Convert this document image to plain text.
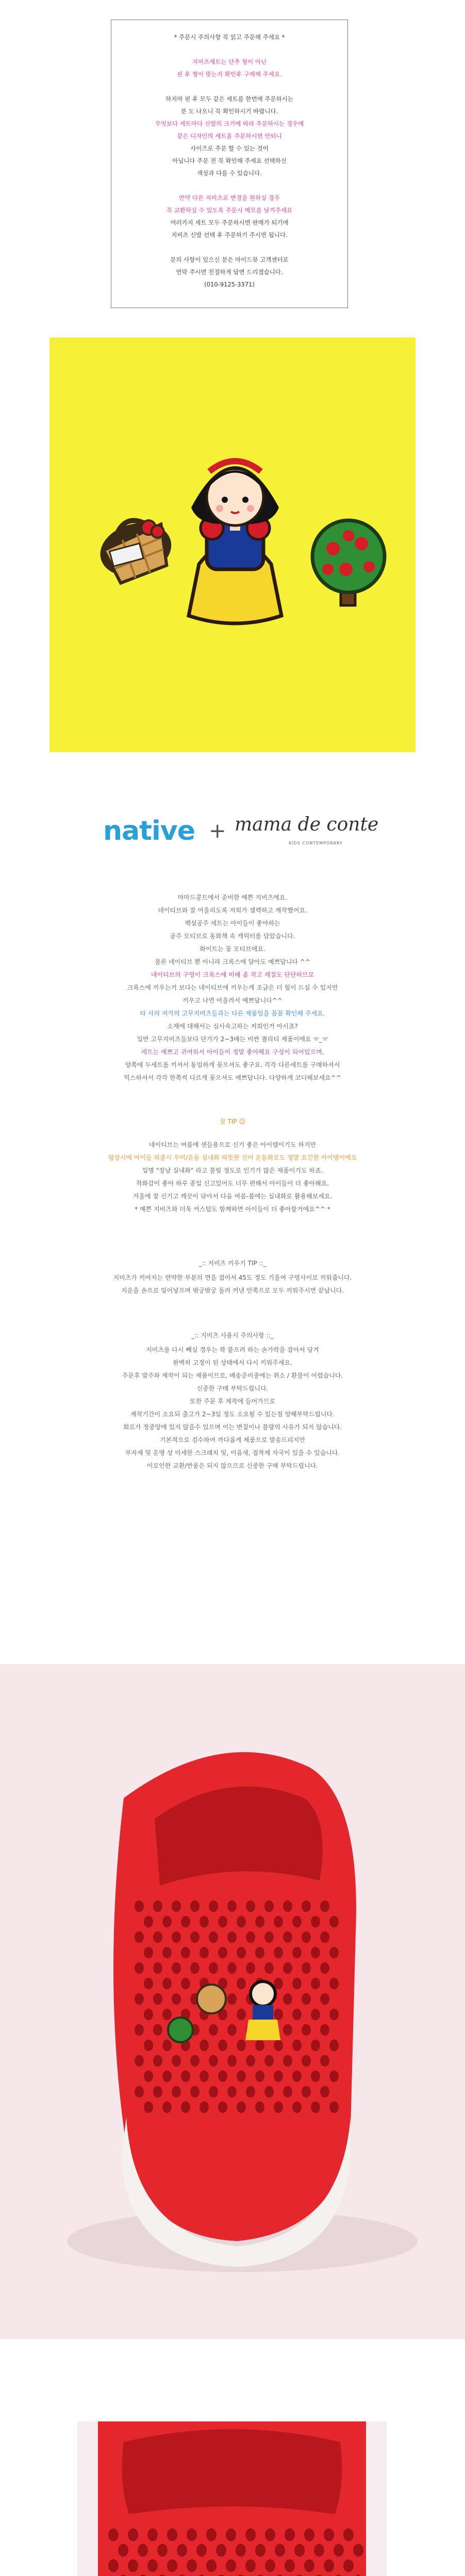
* 주문시 주의사항 꼭 읽고 주문해 주세요 *
지비츠세트는 단추 형이 아닌
핀 후 형이 맞는지 확인후 구매해 주세요.
하지마 핀 후 모두 같은 세트를 한번에 주문하시는
분 도 나오니 꼭 확인하시기 바랍니다.
무엇보다 세트마다 신발의 크기에 따라 주문하시는 경우에
같은 디자인의 세트를 주문하시면 안되니
사이즈로 주문 할 수 있는 것이
아닙니다 주문 전 꼭 확인해 주세요 선택하신
색상과 다를 수 있습니다.
만약 다른 지비츠로 변경을 원하실 경우
꼭 교환하실 수 있도록 주문시 메모를 남겨주세요
여러가지 세트 모두 주문하시면 판매가 되기에
지비츠 신발 선택 후 주문하기 주시면 됩니다.
문의 사항이 있으신 분은 마이드뮤 고객센터로
연락 주시면 친절하게 답변 드리겠습니다.
(010-9125-3371)
native + mama de conte
KIDS CONTEMPORARY
마마드콩트에서 준비한 예쁜 지비츠에요.
네이티브와 잘 어울리도록 저희가 셀렉하고 제작했어요.
백설공주 세트는 아이들이 좋아하는
공주 모티브로 동화책 속 캐릭터를 담았습니다.
화이트는 꽃 모티브에요.
물론 네이티브 뿐 아니라 크록스에 달아도 예쁘답니다 ^^
네이티브의 구멍이 크록스에 비해 좀 작고 재질도 단단하므로
크록스에 끼우는거 보다는 네이티브에 끼우는게 조금은 더 힘이 드실 수 있지만
끼우고 나면 어울려서 예쁘답니다^^
타 사의 저가의 고무지비츠들과는 다른 제품임을 꼼꼼 확인해 주세요.
소재에 대해서는 심사숙고하는 저희인거 아시죠?
일반 고무지비츠들보다 단가가 2~3배는 비싼 퀄리티 제품이에요 ㅠ_ㅠ
세트는 예쁘고 귀여워서 아이들이 정말 좋아해요 구성이 되어있으며,
양쪽에 두세트를 끼셔서 동일하게 꽂으셔도 좋구요. 각각 다른세트를 구매하셔서
믹스하셔서 각각 한쪽씩 다르게 꽂으셔도 예쁘답니다. 다양하게 코디해보세요^^
꿀 TIP ☺
네이티브는 여름에 샌들용으로 신기 좋은 아이템이기도 하지만
평상시에 아이들 외출시 우비/운동 실내화 따뜻한 신어 운동화로도 정말 요긴한 아이템이에요
일명 "장남 실내화" 라고 불릴 정도로 인기가 많은 제품이기도 하죠.
착화감이 좋아 하루 종일 신고있어도 너무 편해서 아이들이 더 좋아해요.
겨울에 잘 신기고 깨끗이 닦아서 다음 여름-봄에는 실내화로 활용해보세요.
* 예쁜 지비츠와 더욱 커스텀도 함께하면 아이들이 더 좋아할거에요^^ *
_:: 지비츠 끼우기 TIP ::_
지비츠가 끼어지는 연약한 부분의 면을 접어서 45도 정도 기울여 구멍사이로 끼워줍니다.
지운을 손으로 밀어넣으며 밖궁밖궁 돌려 꺼낸 안쪽으로 모두 끼워주시면 끝납니다.
_:: 지비츠 사용시 주의사항 ::_
지비츠를 다시 빼실 경우는 꽉 붙으려 하는 손가락을 잡아서 당겨
완벽히 고정이 된 상태에서 다시 끼워주세요.
주문후 발주와 제작이 되는 제품이므로, 배송준비중에는 취소 / 환불이 어렵습니다.
신중한 구매 부탁드립니다.
또한 주문 후 제작에 들어가므로
제작기간이 소요되 출고가 2~3일 정도 소요될 수 있는점 양해부탁드립니다.
회로가 정중앙에 있지 않을수 있으며 이는 변질이나 불량의 사유가 되지 않습니다.
기본적으로 검수하여 까다롭게 제품으로 발송드리지만
부자재 및 운명 상 미세한 스크래치 및, 이음새, 접착제 자국이 있을 수 있습니다.
이로인한 교환/반품은 되지 않으므로 신중한 구매 부탁드립니다.
